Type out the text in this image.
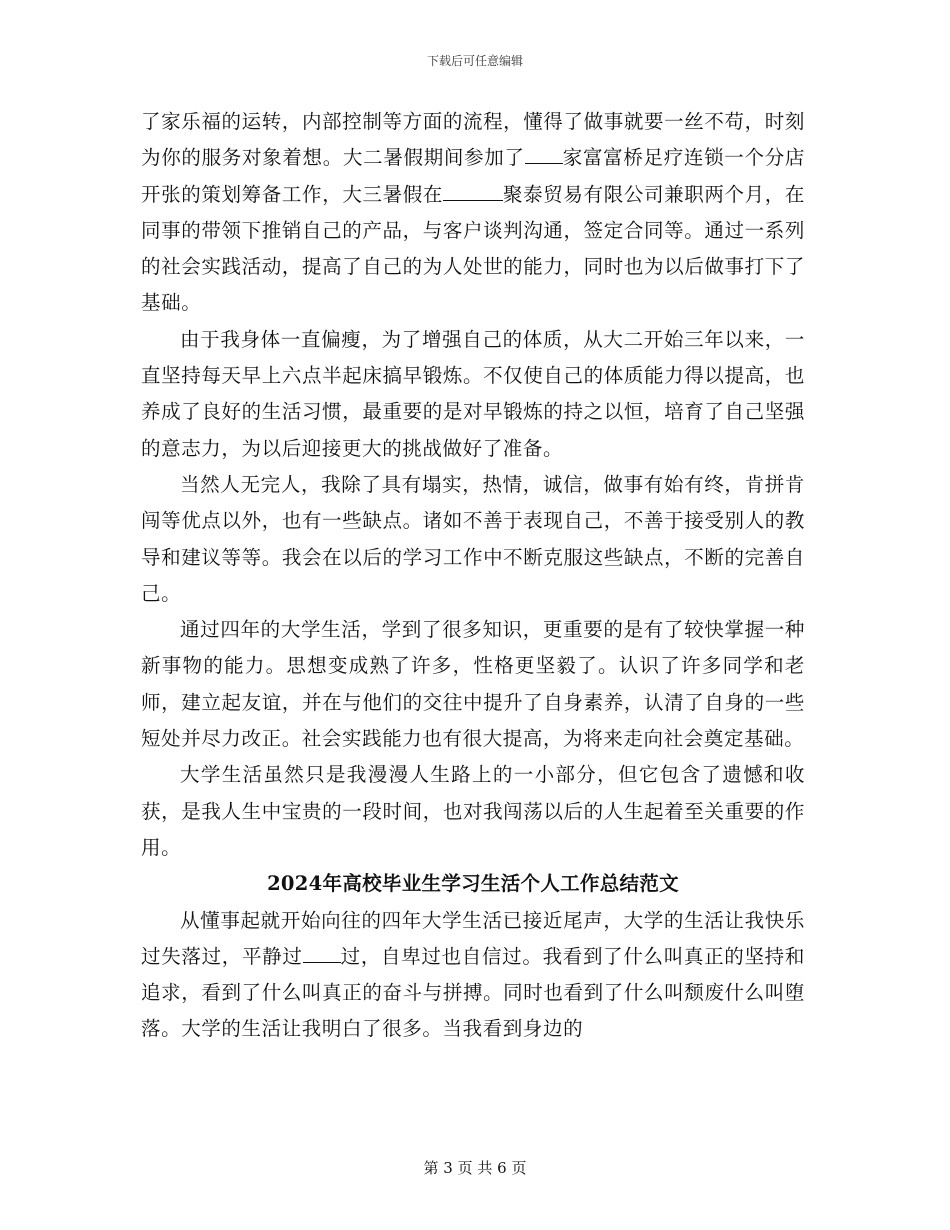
下载后可任意编辑

了家乐福的运转，内部控制等方面的流程，懂得了做事就要一丝不苟，时刻为你的服务对象着想。大二暑假期间参加了 家富富桥足疗连锁一个分店开张的策划筹备工作，大三暑假在	聚泰贸易有限公司兼职两个月，在同事的带领下推销自己的产品，与客户谈判沟通，签定合同等。通过一系列的社会实践活动，提高了自己的为人处世的能力，同时也为以后做事打下了基础。

由于我身体一直偏瘦，为了增强自己的体质，从大二开始三年以来，一直坚持每天早上六点半起床搞早锻炼。不仅使自己的体质能力得以提高，也养成了良好的生活习惯，最重要的是对早锻炼的持之以恒，培育了自己坚强的意志力，为以后迎接更大的挑战做好了准备。

当然人无完人，我除了具有塌实，热情，诚信，做事有始有终，肯拼肯闯等优点以外，也有一些缺点。诸如不善于表现自己，不善于接受别人的教导和建议等等。我会在以后的学习工作中不断克服这些缺点，不断的完善自己。

通过四年的大学生活，学到了很多知识，更重要的是有了较快掌握一种新事物的能力。思想变成熟了许多，性格更坚毅了。认识了许多同学和老师，建立起友谊，并在与他们的交往中提升了自身素养，认清了自身的一些短处并尽力改正。社会实践能力也有很大提高，为将来走向社会奠定基础。

大学生活虽然只是我漫漫人生路上的一小部分，但它包含了遗憾和收获，是我人生中宝贵的一段时间，也对我闯荡以后的人生起着至关重要的作用。

2024年高校毕业生学习生活个人工作总结范文

从懂事起就开始向往的四年大学生活已接近尾声，大学的生活让我快乐过失落过，平静过 过，自卑过也自信过。我看到了什么叫真正的坚持和追求，看到了什么叫真正的奋斗与拼搏。同时也看到了什么叫颓废什么叫堕落。大学的生活让我明白了很多。当我看到身边的

第 3 页 共 6 页
